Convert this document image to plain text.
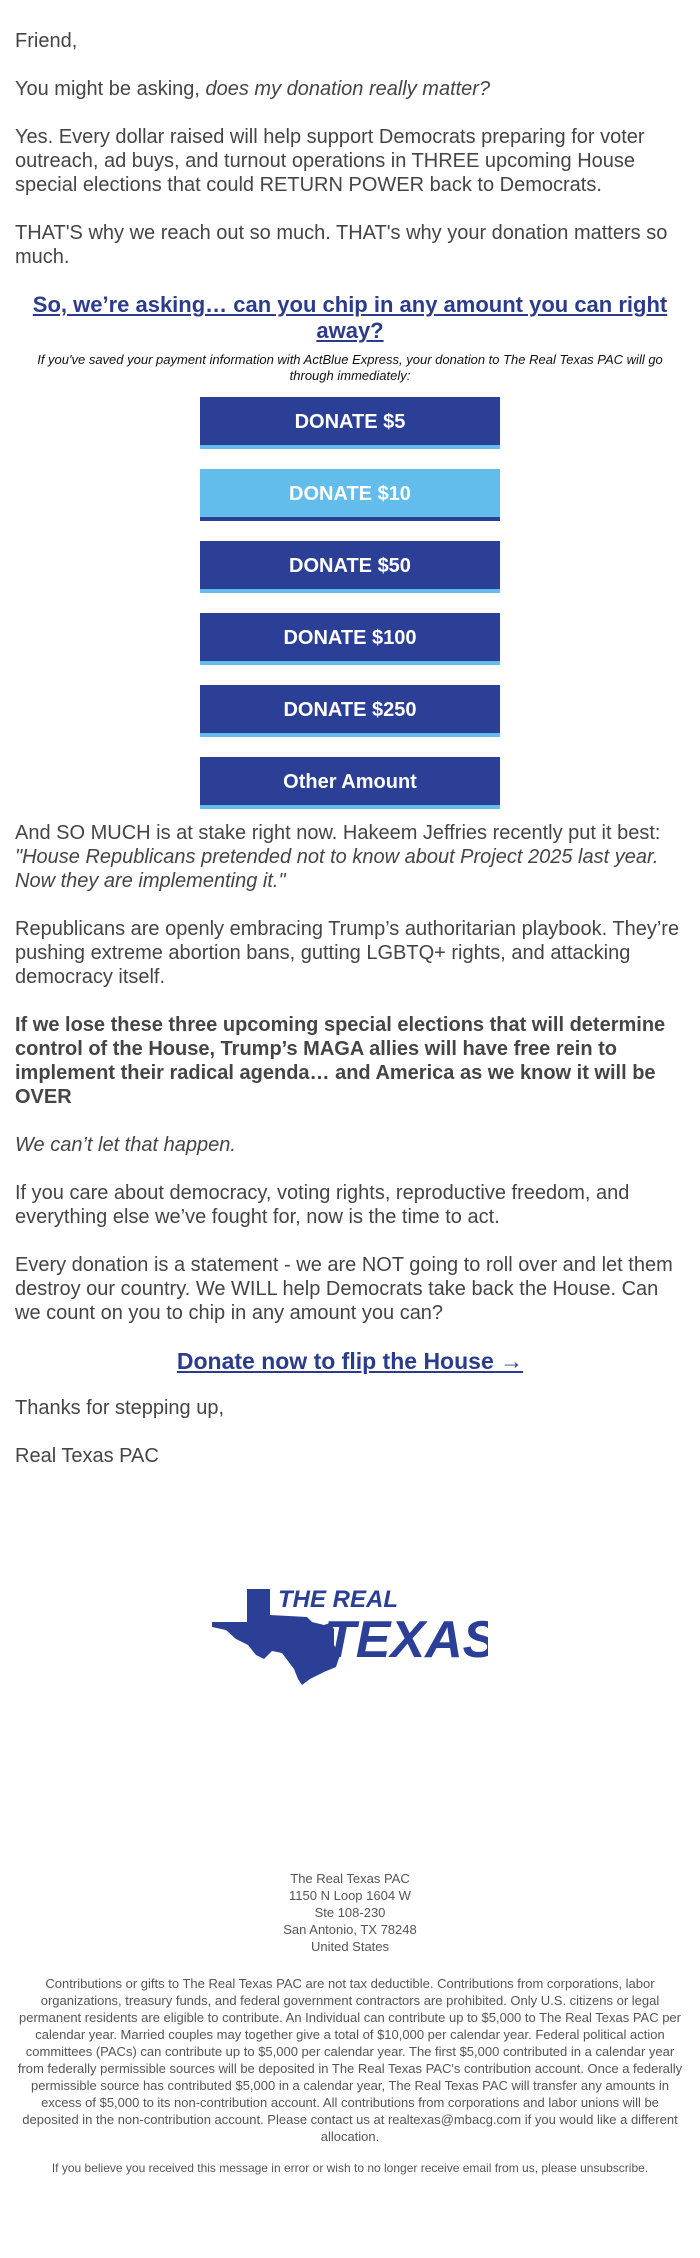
Friend,

You might be asking, does my donation really matter?

Yes. Every dollar raised will help support Democrats preparing for voter outreach, ad buys, and turnout operations in THREE upcoming House special elections that could RETURN POWER back to Democrats.

THAT'S why we reach out so much. THAT's why your donation matters so much.

So, we’re asking… can you chip in any amount you can right away?

If you've saved your payment information with ActBlue Express, your donation to The Real Texas PAC will go through immediately:

DONATE $5
DONATE $10
DONATE $50
DONATE $100
DONATE $250
Other Amount

And SO MUCH is at stake right now. Hakeem Jeffries recently put it best:
"House Republicans pretended not to know about Project 2025 last year. Now they are implementing it."

Republicans are openly embracing Trump’s authoritarian playbook. They’re pushing extreme abortion bans, gutting LGBTQ+ rights, and attacking democracy itself.

If we lose these three upcoming special elections that will determine control of the House, Trump’s MAGA allies will have free rein to implement their radical agenda… and America as we know it will be OVER

We can’t let that happen.

If you care about democracy, voting rights, reproductive freedom, and everything else we’ve fought for, now is the time to act.

Every donation is a statement - we are NOT going to roll over and let them destroy our country. We WILL help Democrats take back the House. Can we count on you to chip in any amount you can?

Donate now to flip the House →

Thanks for stepping up,

Real Texas PAC

THE REAL
TEXAS
The Real Texas PAC
1150 N Loop 1604 W
Ste 108-230
San Antonio, TX 78248
United States
Contributions or gifts to The Real Texas PAC are not tax deductible. Contributions from corporations, labor organizations, treasury funds, and federal government contractors are prohibited. Only U.S. citizens or legal permanent residents are eligible to contribute. An Individual can contribute up to $5,000 to The Real Texas PAC per calendar year. Married couples may together give a total of $10,000 per calendar year. Federal political action committees (PACs) can contribute up to $5,000 per calendar year. The first $5,000 contributed in a calendar year from federally permissible sources will be deposited in The Real Texas PAC's contribution account. Once a federally permissible source has contributed $5,000 in a calendar year, The Real Texas PAC will transfer any amounts in excess of $5,000 to its non-contribution account. All contributions from corporations and labor unions will be deposited in the non-contribution account. Please contact us at realtexas@mbacg.com if you would like a different allocation.
If you believe you received this message in error or wish to no longer receive email from us, please unsubscribe.
